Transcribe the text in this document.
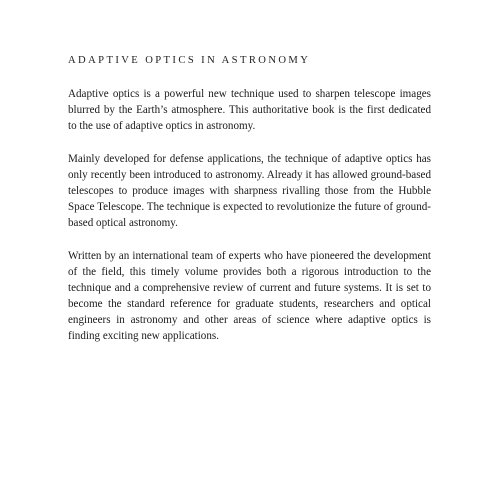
ADAPTIVE OPTICS IN ASTRONOMY

Adaptive optics is a powerful new technique used to sharpen telescope images blurred by the Earth’s atmosphere. This authoritative book is the first dedicated to the use of adaptive optics in astronomy.

Mainly developed for defense applications, the technique of adaptive optics has only recently been introduced to astronomy. Already it has allowed ground-based telescopes to produce images with sharpness rivalling those from the Hubble Space Telescope. The technique is expected to revolutionize the future of ground-based optical astronomy.

Written by an international team of experts who have pioneered the development of the field, this timely volume provides both a rigorous introduction to the technique and a comprehensive review of current and future systems. It is set to become the standard reference for graduate students, researchers and optical engineers in astronomy and other areas of science where adaptive optics is finding exciting new applications.
